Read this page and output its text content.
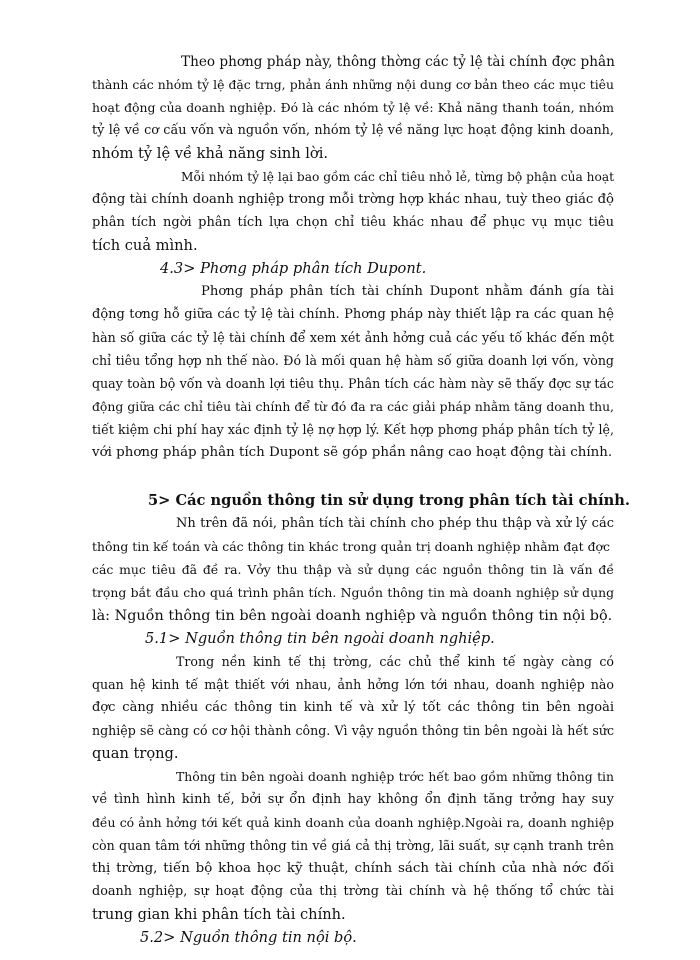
Theo phơng pháp này, thông thờng các tỷ lệ tài chính đợc phân

thành các nhóm tỷ lệ đặc trng, phản ánh những nội dung cơ bản theo các mục tiêu

hoạt động của doanh nghiệp. Đó là các nhóm tỷ lệ về: Khả năng thanh toán, nhóm

tỷ lệ về cơ cấu vốn và nguồn vốn, nhóm tỷ lệ về năng lực hoạt động kinh doanh,

nhóm tỷ lệ về khả năng sinh lời.

Mỗi nhóm tỷ lệ lại bao gồm các chỉ tiêu nhỏ lẻ, từng bộ phận của hoạt

động tài chính doanh nghiệp trong mỗi trờng hợp khác nhau, tuỳ theo giác độ

phân tích ngời phân tích lựa chọn chỉ tiêu khác nhau để phục vụ mục tiêu

tích cuả mình.

4.3> Phơng pháp phân tích Dupont.

Phơng pháp phân tích tài chính Dupont nhằm đánh gía tài

động tơng hỗ giữa các tỷ lệ tài chính. Phơng pháp này thiết lập ra các quan hệ

hàn số giữa các tỷ lệ tài chính để xem xét ảnh hởng cuả các yếu tố khác đến một

chỉ tiêu tổng hợp nh thế nào. Đó là mối quan hệ hàm số giữa doanh lợi vốn, vòng

quay toàn bộ vốn và doanh lợi tiêu thụ. Phân tích các hàm này sẽ thấy đợc sự tác

động giữa các chỉ tiêu tài chính để từ đó đa ra các giải pháp nhằm tăng doanh thu,

tiết kiệm chi phí hay xác định tỷ lệ nợ hợp lý. Kết hợp phơng pháp phân tích tỷ lệ,

với phơng pháp phân tích Dupont sẽ góp phần nâng cao hoạt động tài chính.

5> Các nguồn thông tin sử dụng trong phân tích tài chính.

Nh trên đã nói, phân tích tài chính cho phép thu thập và xử lý các

thông tin kế toán và các thông tin khác trong quản trị doanh nghiệp nhằm đạt đợc

các mục tiêu đã đề ra. Vởy thu thập và sử dụng các nguồn thông tin là vấn đề

trọng bắt đầu cho quá trình phân tích. Nguồn thông tin mà doanh nghiệp sử dụng

là: Nguồn thông tin bên ngoài doanh nghiệp và nguồn thông tin nội bộ.

5.1> Nguồn thông tin bên ngoài doanh nghiệp.

Trong nền kinh tế thị trờng, các chủ thể kinh tế ngày càng có

quan hệ kinh tế mật thiết với nhau, ảnh hởng lớn tới nhau, doanh nghiệp nào

đợc càng nhiều các thông tin kinh tế và xử lý tốt các thông tin bên ngoài

nghiệp sẽ càng có cơ hội thành công. Vì vậy nguồn thông tin bên ngoài là hết sức

quan trọng.

Thông tin bên ngoài doanh nghiệp trớc hết bao gồm những thông tin

về tình hình kinh tế, bởi sự ổn định hay không ổn định tăng trởng hay suy

đều có ảnh hởng tới kết quả kinh doanh của doanh nghiệp.Ngoài ra, doanh nghiệp

còn quan tâm tới những thông tin về giá cả thị trờng, lãi suất, sự cạnh tranh trên

thị trờng, tiến bộ khoa học kỹ thuật, chính sách tài chính của nhà nớc đối

doanh nghiệp, sự hoạt động của thị trờng tài chính và hệ thống tổ chức tài

trung gian khi phân tích tài chính.

5.2> Nguồn thông tin nội bộ.
